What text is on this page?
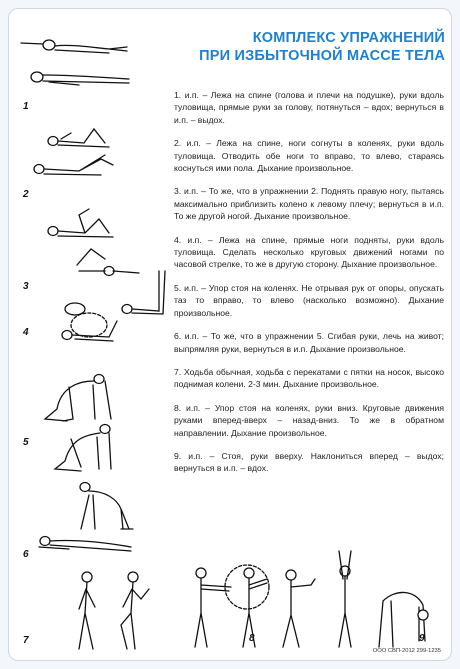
1
2
3
4
5
6
7
КОМПЛЕКС УПРАЖНЕНИЙ
ПРИ ИЗБЫТОЧНОЙ МАССЕ ТЕЛА

1. и.п. – Лежа на спине (голова и плечи на подушке), руки вдоль туловища, прямые руки за голову, потянуться – вдох; вернуться в и.п. – выдох.

2. и.п. – Лежа на спине, ноги согнуты в коленях, руки вдоль туловища. Отводить обе ноги то вправо, то влево, стараясь коснуться ими пола. Дыхание произвольное.

3. и.п. – То же, что в упражнении 2. Поднять правую ногу, пытаясь максимально приблизить колено к левому плечу; вернуться в и.п. То же другой ногой. Дыхание произвольное.

4. и.п. – Лежа на спине, прямые ноги подняты, руки вдоль туловища. Сделать несколько круговых движений ногами по часовой стрелке, то же в другую сторону. Дыхание произвольное.

5. и.п. – Упор стоя на коленях. Не отрывая рук от опоры, опускать таз то вправо, то влево (насколько возможно). Дыхание произвольное.

6. и.п. – То же, что в упражнении 5. Сгибая руки, лечь на живот; выпрямляя руки, вернуться в и.п. Дыхание произвольное.

7. Ходьба обычная, ходьба с перекатами с пятки на носок, высоко поднимая колени. 2-3 мин. Дыхание произвольное.

8. и.п. – Упор стоя на коленях, руки вниз. Круговые движения руками вперед-вверх – назад-вниз. То же в обратном направлении. Дыхание произвольное.

9. и.п. – Стоя, руки вверху. Наклониться вперед – выдох; вернуться в и.п. – вдох.

8	9
ООО СВП-2012 299-1235
